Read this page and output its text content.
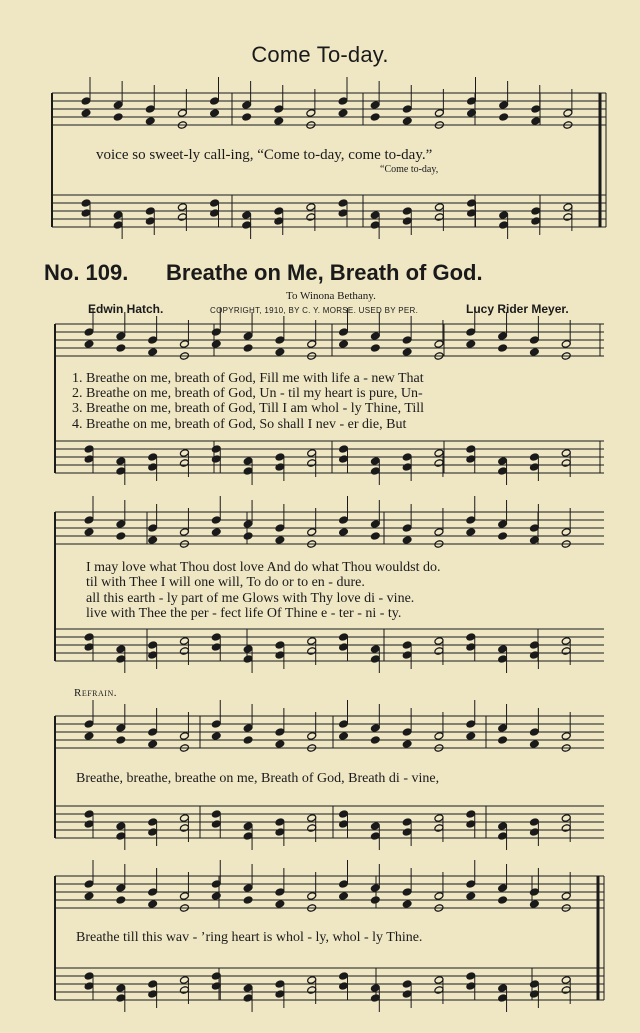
Come To-day.
“Come to-day,
voice so sweet-ly call-ing, “Come to-day, come to-day.”
No. 109. Breathe on Me, Breath of God.
To Winona Bethany.
Edwin Hatch.	COPYRIGHT, 1910, BY C. Y. MORSE. USED BY PER.	Lucy Rider Meyer.
1. Breathe on me, breath of God, Fill me with life a - new That
2. Breathe on me, breath of God, Un - til my heart is pure, Un-
3. Breathe on me, breath of God, Till I am whol - ly Thine, Till
4. Breathe on me, breath of God, So shall I nev - er die, But
I may love what Thou dost love And do what Thou wouldst do.
til with Thee I will one will, To do or to en - dure.
all this earth - ly part of me Glows with Thy love di - vine.
live with Thee the per - fect life Of Thine e - ter - ni - ty.
Refrain.
Breathe, breathe, breathe on me, Breath of God, Breath di - vine,
Breathe till this wav - ’ring heart is whol - ly, whol - ly Thine.
